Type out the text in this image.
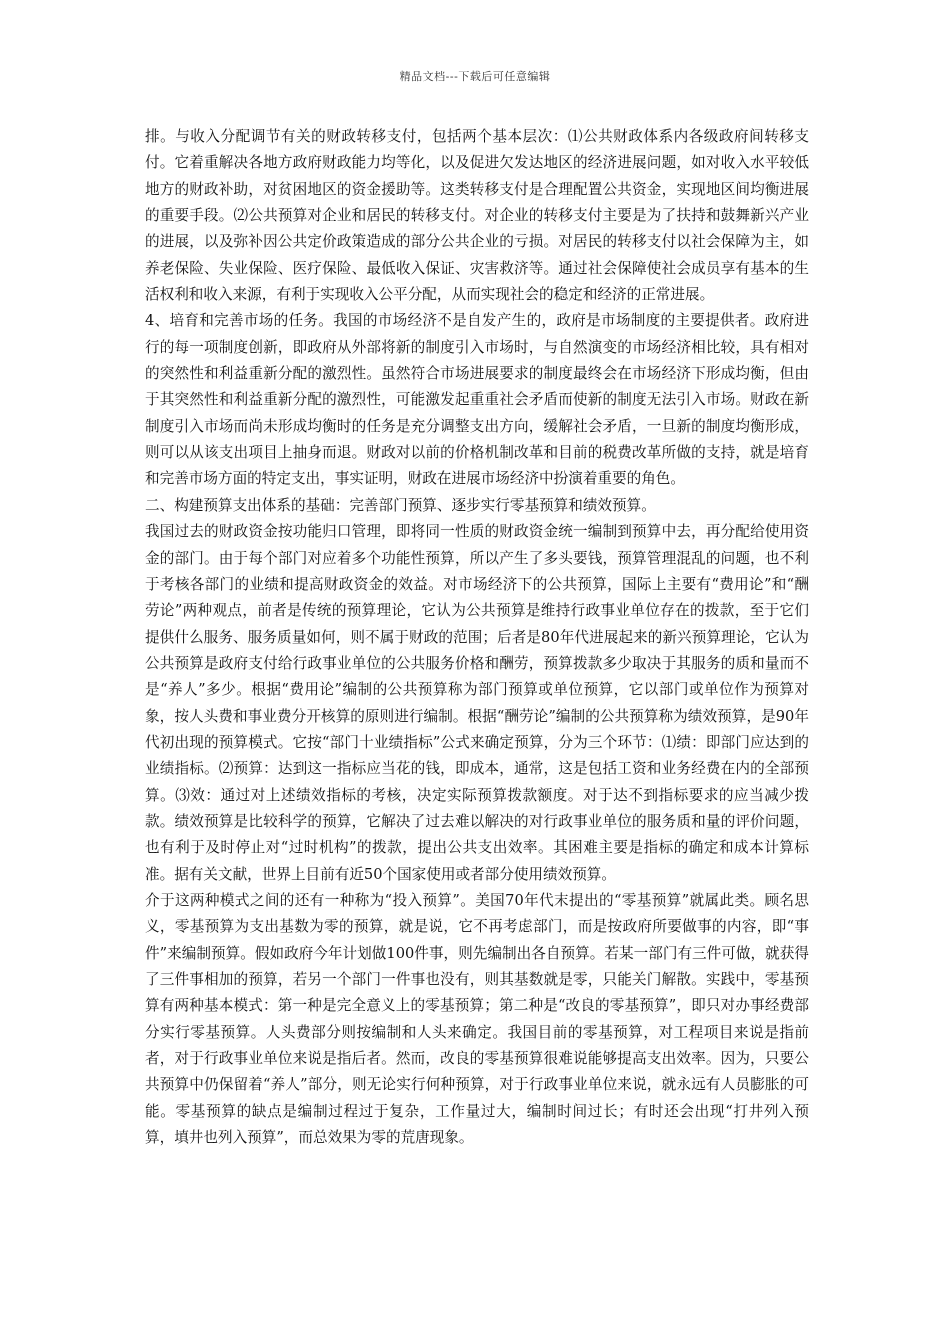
精品文档---下载后可任意编辑

排。与收入分配调节有关的财政转移支付，包括两个基本层次：⑴公共财政体系内各级政府间转移支付。它着重解决各地方政府财政能力均等化，以及促进欠发达地区的经济进展问题，如对收入水平较低地方的财政补助，对贫困地区的资金援助等。这类转移支付是合理配置公共资金，实现地区间均衡进展的重要手段。⑵公共预算对企业和居民的转移支付。对企业的转移支付主要是为了扶持和鼓舞新兴产业的进展，以及弥补因公共定价政策造成的部分公共企业的亏损。对居民的转移支付以社会保障为主，如养老保险、失业保险、医疗保险、最低收入保证、灾害救济等。通过社会保障使社会成员享有基本的生活权利和收入来源，有利于实现收入公平分配，从而实现社会的稳定和经济的正常进展。

4、培育和完善市场的任务。我国的市场经济不是自发产生的，政府是市场制度的主要提供者。政府进行的每一项制度创新，即政府从外部将新的制度引入市场时，与自然演变的市场经济相比较，具有相对的突然性和利益重新分配的激烈性。虽然符合市场进展要求的制度最终会在市场经济下形成均衡，但由于其突然性和利益重新分配的激烈性，可能激发起重重社会矛盾而使新的制度无法引入市场。财政在新制度引入市场而尚未形成均衡时的任务是充分调整支出方向，缓解社会矛盾，一旦新的制度均衡形成，则可以从该支出项目上抽身而退。财政对以前的价格机制改革和目前的税费改革所做的支持，就是培育和完善市场方面的特定支出，事实证明，财政在进展市场经济中扮演着重要的角色。

二、构建预算支出体系的基础：完善部门预算、逐步实行零基预算和绩效预算。

我国过去的财政资金按功能归口管理，即将同一性质的财政资金统一编制到预算中去，再分配给使用资金的部门。由于每个部门对应着多个功能性预算，所以产生了多头要钱，预算管理混乱的问题，也不利于考核各部门的业绩和提高财政资金的效益。对市场经济下的公共预算，国际上主要有“费用论”和“酬劳论”两种观点，前者是传统的预算理论，它认为公共预算是维持行政事业单位存在的拨款，至于它们提供什么服务、服务质量如何，则不属于财政的范围；后者是80年代进展起来的新兴预算理论，它认为公共预算是政府支付给行政事业单位的公共服务价格和酬劳，预算拨款多少取决于其服务的质和量而不是“养人”多少。根据“费用论”编制的公共预算称为部门预算或单位预算，它以部门或单位作为预算对象，按人头费和事业费分开核算的原则进行编制。根据“酬劳论”编制的公共预算称为绩效预算，是90年代初出现的预算模式。它按“部门十业绩指标”公式来确定预算，分为三个环节：⑴绩：即部门应达到的业绩指标。⑵预算：达到这一指标应当花的钱，即成本，通常，这是包括工资和业务经费在内的全部预算。⑶效：通过对上述绩效指标的考核，决定实际预算拨款额度。对于达不到指标要求的应当减少拨款。绩效预算是比较科学的预算，它解决了过去难以解决的对行政事业单位的服务质和量的评价问题，也有利于及时停止对“过时机构”的拨款，提出公共支出效率。其困难主要是指标的确定和成本计算标准。据有关文献，世界上目前有近50个国家使用或者部分使用绩效预算。

介于这两种模式之间的还有一种称为“投入预算”。美国70年代末提出的“零基预算”就属此类。顾名思义，零基预算为支出基数为零的预算，就是说，它不再考虑部门，而是按政府所要做事的内容，即“事件”来编制预算。假如政府今年计划做100件事，则先编制出各自预算。若某一部门有三件可做，就获得了三件事相加的预算，若另一个部门一件事也没有，则其基数就是零，只能关门解散。实践中，零基预算有两种基本模式：第一种是完全意义上的零基预算；第二种是“改良的零基预算”，即只对办事经费部分实行零基预算。人头费部分则按编制和人头来确定。我国目前的零基预算，对工程项目来说是指前者，对于行政事业单位来说是指后者。然而，改良的零基预算很难说能够提高支出效率。因为，只要公共预算中仍保留着“养人”部分，则无论实行何种预算，对于行政事业单位来说，就永远有人员膨胀的可能。零基预算的缺点是编制过程过于复杂，工作量过大，编制时间过长；有时还会出现“打井列入预算，填井也列入预算”，而总效果为零的荒唐现象。
